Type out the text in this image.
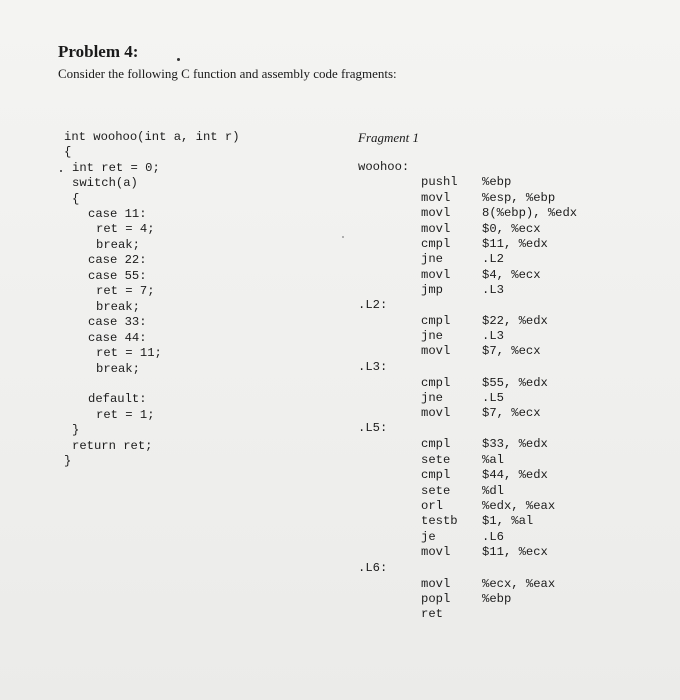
Problem 4:
Consider the following C function and assembly code fragments:
int woohoo(int a, int r)
{
int ret = 0;
switch(a)
{
case 11:
ret = 4;
break;
case 22:
case 55:
ret = 7;
break;
case 33:
case 44:
ret = 11;
break;
default:
ret = 1;
}
return ret;
}
Fragment 1
woohoo:
.L2:
.L3:
.L5:
.L6:
pushl
movl
movl
movl
cmpl
jne
movl
jmp
cmpl
jne
movl
cmpl
jne
movl
cmpl
sete
cmpl
sete
orl
testb
je
movl
movl
popl
ret
%ebp
%esp, %ebp
8(%ebp), %edx
$0, %ecx
$11, %edx
.L2
$4, %ecx
.L3
$22, %edx
.L3
$7, %ecx
$55, %edx
.L5
$7, %ecx
$33, %edx
%al
$44, %edx
%dl
%edx, %eax
$1, %al
.L6
$11, %ecx
%ecx, %eax
%ebp
